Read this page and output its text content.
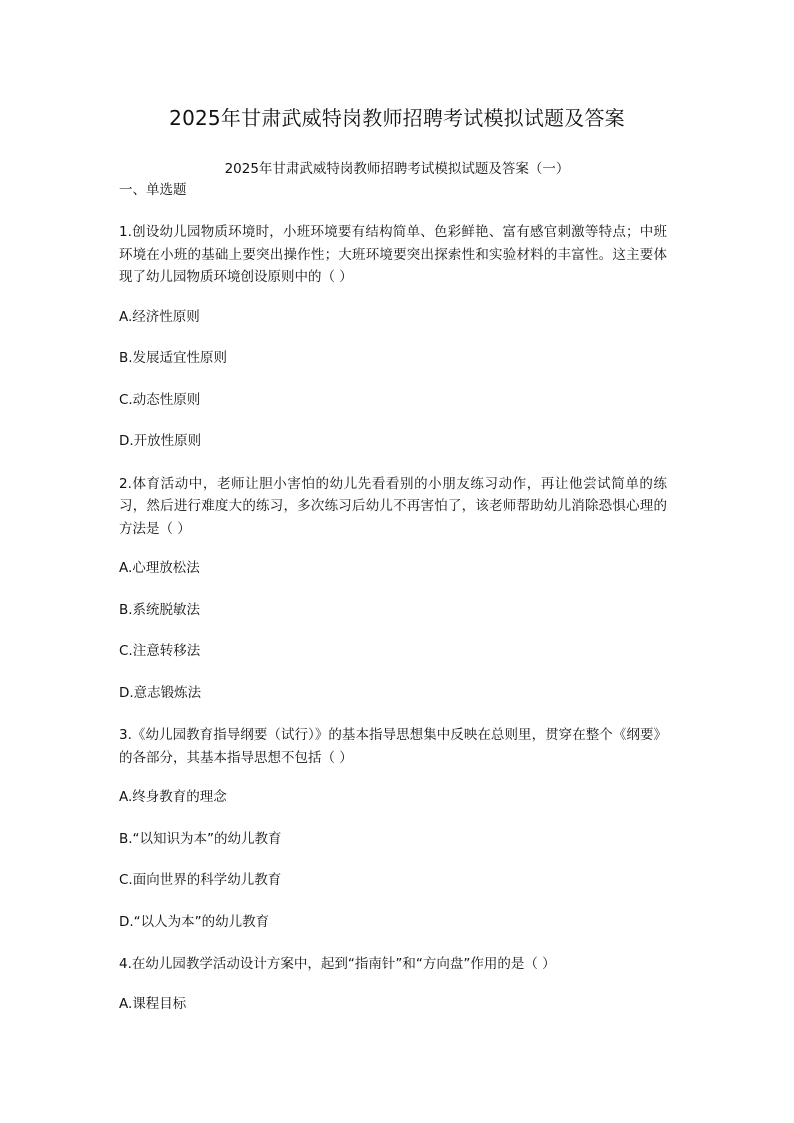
2025年甘肃武威特岗教师招聘考试模拟试题及答案
2025年甘肃武威特岗教师招聘考试模拟试题及答案（一）
一、单选题

1.创设幼儿园物质环境时，小班环境要有结构简单、色彩鲜艳、富有感官刺激等特点；中班环境在小班的基础上要突出操作性；大班环境要突出探索性和实验材料的丰富性。这主要体现了幼儿园物质环境创设原则中的（ ）

A.经济性原则

B.发展适宜性原则

C.动态性原则

D.开放性原则

2.体育活动中，老师让胆小害怕的幼儿先看看别的小朋友练习动作，再让他尝试简单的练习，然后进行难度大的练习，多次练习后幼儿不再害怕了，该老师帮助幼儿消除恐惧心理的方法是（ ）

A.心理放松法

B.系统脱敏法

C.注意转移法

D.意志锻炼法

3.《幼儿园教育指导纲要（试行）》的基本指导思想集中反映在总则里，贯穿在整个《纲要》的各部分，其基本指导思想不包括（ ）

A.终身教育的理念

B.“以知识为本”的幼儿教育

C.面向世界的科学幼儿教育

D.“以人为本”的幼儿教育

4.在幼儿园教学活动设计方案中，起到“指南针”和“方向盘”作用的是（ ）

A.课程目标
